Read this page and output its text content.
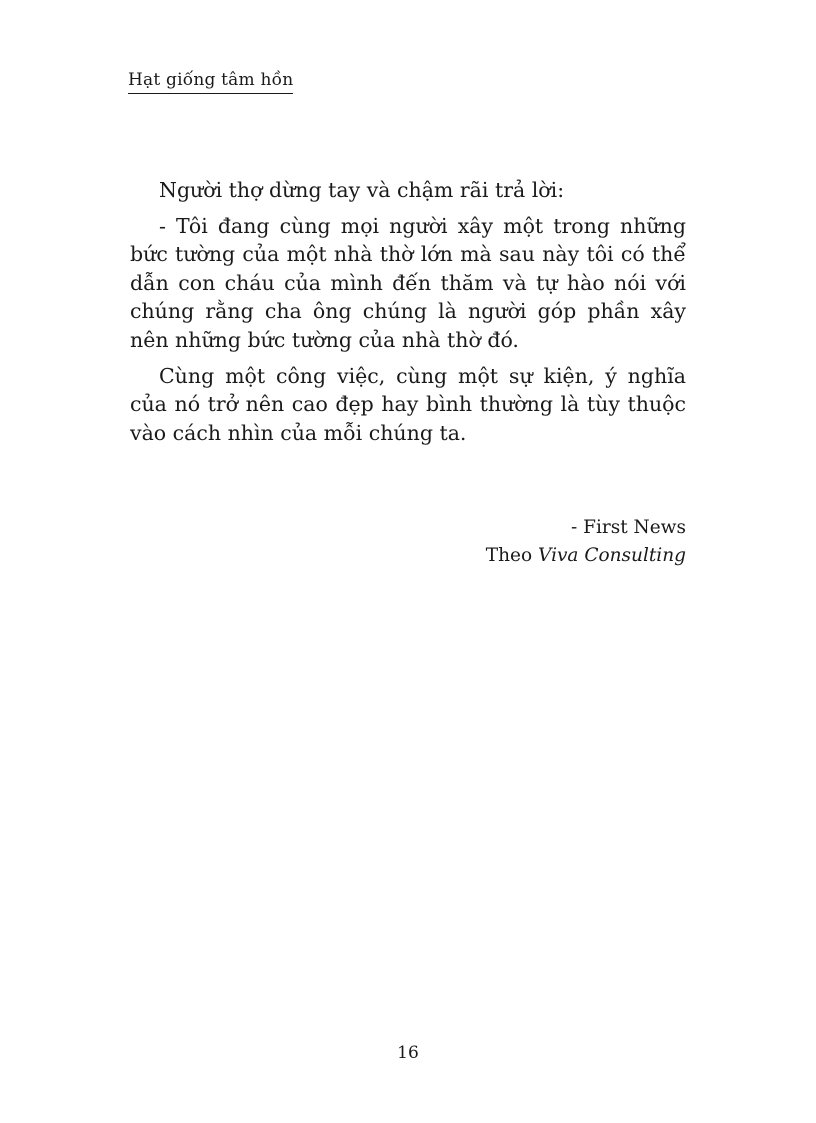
Hạt giống tâm hồn

Người thợ dừng tay và chậm rãi trả lời:

- Tôi đang cùng mọi người xây một trong những bức tường của một nhà thờ lớn mà sau này tôi có thể dẫn con cháu của mình đến thăm và tự hào nói với chúng rằng cha ông chúng là người góp phần xây nên những bức tường của nhà thờ đó.

Cùng một công việc, cùng một sự kiện, ý nghĩa của nó trở nên cao đẹp hay bình thường là tùy thuộc vào cách nhìn của mỗi chúng ta.

- First News
Theo Viva Consulting
16
